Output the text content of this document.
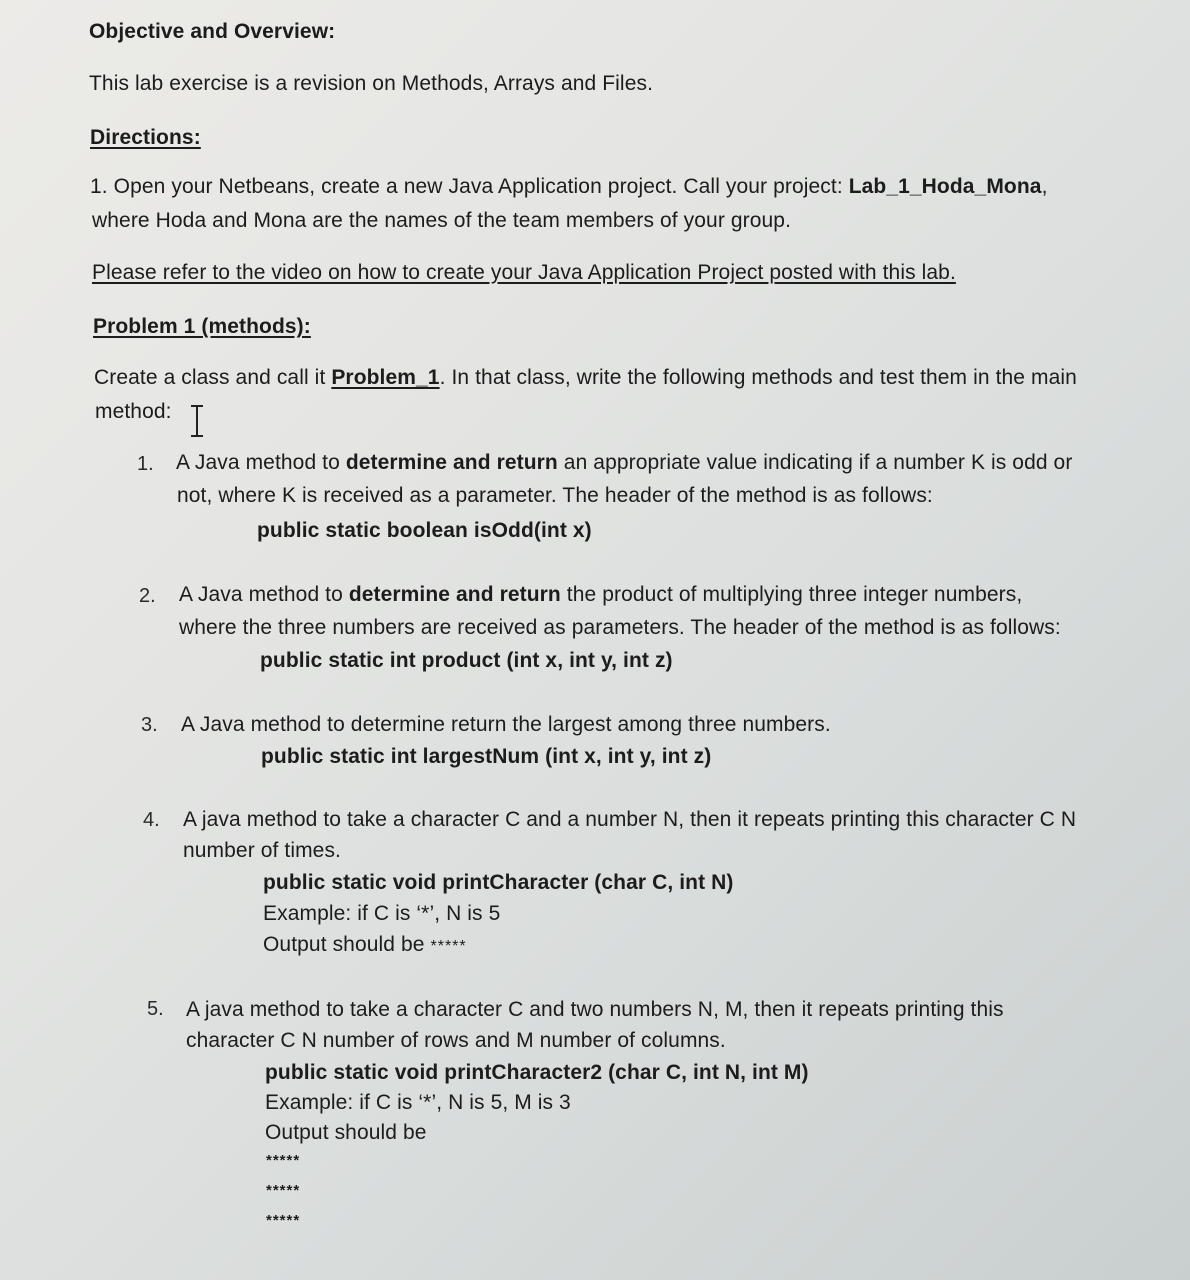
Objective and Overview:
This lab exercise is a revision on Methods, Arrays and Files.
Directions:
1. Open your Netbeans, create a new Java Application project. Call your project: Lab_1_Hoda_Mona,
where Hoda and Mona are the names of the team members of your group.
Please refer to the video on how to create your Java Application Project posted with this lab.
Problem 1 (methods):
Create a class and call it Problem_1. In that class, write the following methods and test them in the main
method:
1. A Java method to determine and return an appropriate value indicating if a number K is odd or
not, where K is received as a parameter. The header of the method is as follows:
public static boolean isOdd(int x)
2. A Java method to determine and return the product of multiplying three integer numbers,
where the three numbers are received as parameters. The header of the method is as follows:
public static int product (int x, int y, int z)
3. A Java method to determine return the largest among three numbers.
public static int largestNum (int x, int y, int z)
4. A java method to take a character C and a number N, then it repeats printing this character C N
number of times.
public static void printCharacter (char C, int N)
Example: if C is ‘*’, N is 5
Output should be *****
5. A java method to take a character C and two numbers N, M, then it repeats printing this
character C N number of rows and M number of columns.
public static void printCharacter2 (char C, int N, int M)
Example: if C is ‘*’, N is 5, M is 3
Output should be
*****
*****
*****
